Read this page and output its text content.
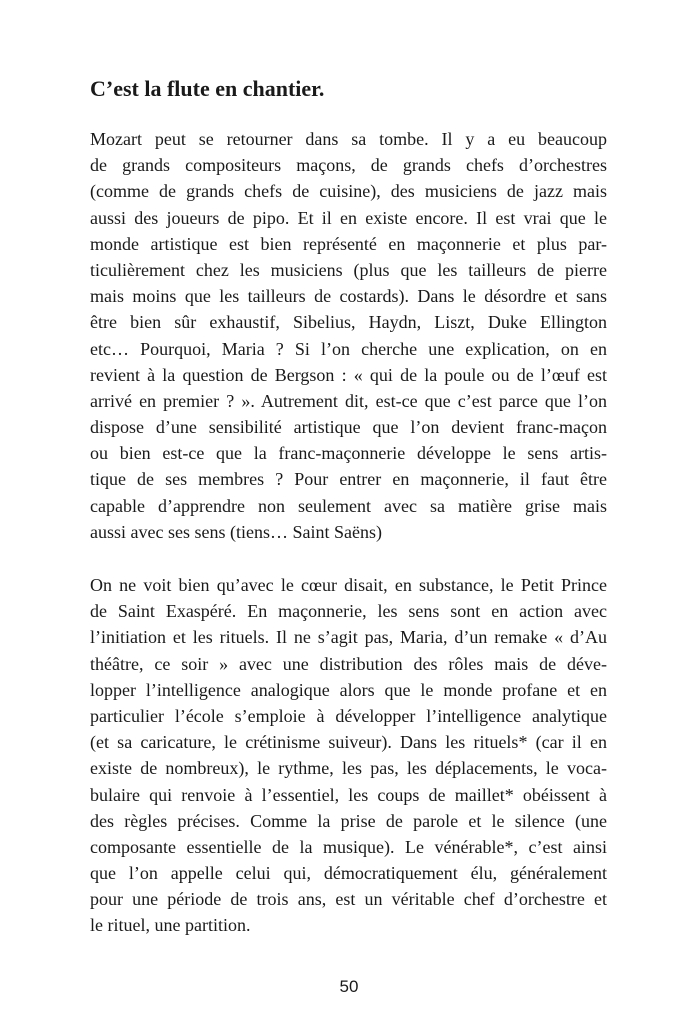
C’est la flute en chantier.
Mozart peut se retourner dans sa tombe. Il y a eu beaucoup
de grands compositeurs maçons, de grands chefs d’orchestres
(comme de grands chefs de cuisine), des musiciens de jazz mais
aussi des joueurs de pipo. Et il en existe encore. Il est vrai que le
monde artistique est bien représenté en maçonnerie et plus par-
ticulièrement chez les musiciens (plus que les tailleurs de pierre
mais moins que les tailleurs de costards). Dans le désordre et sans
être bien sûr exhaustif, Sibelius, Haydn, Liszt, Duke Ellington
etc… Pourquoi, Maria ? Si l’on cherche une explication, on en
revient à la question de Bergson : « qui de la poule ou de l’œuf est
arrivé en premier ? ». Autrement dit, est-ce que c’est parce que l’on
dispose d’une sensibilité artistique que l’on devient franc-maçon
ou bien est-ce que la franc-maçonnerie développe le sens artis-
tique de ses membres ? Pour entrer en maçonnerie, il faut être
capable d’apprendre non seulement avec sa matière grise mais
aussi avec ses sens (tiens… Saint Saëns)
On ne voit bien qu’avec le cœur disait, en substance, le Petit Prince
de Saint Exaspéré. En maçonnerie, les sens sont en action avec
l’initiation et les rituels. Il ne s’agit pas, Maria, d’un remake « d’Au
théâtre, ce soir » avec une distribution des rôles mais de déve-
lopper l’intelligence analogique alors que le monde profane et en
particulier l’école s’emploie à développer l’intelligence analytique
(et sa caricature, le crétinisme suiveur). Dans les rituels* (car il en
existe de nombreux), le rythme, les pas, les déplacements, le voca-
bulaire qui renvoie à l’essentiel, les coups de maillet* obéissent à
des règles précises. Comme la prise de parole et le silence (une
composante essentielle de la musique). Le vénérable*, c’est ainsi
que l’on appelle celui qui, démocratiquement élu, généralement
pour une période de trois ans, est un véritable chef d’orchestre et
le rituel, une partition.
50
